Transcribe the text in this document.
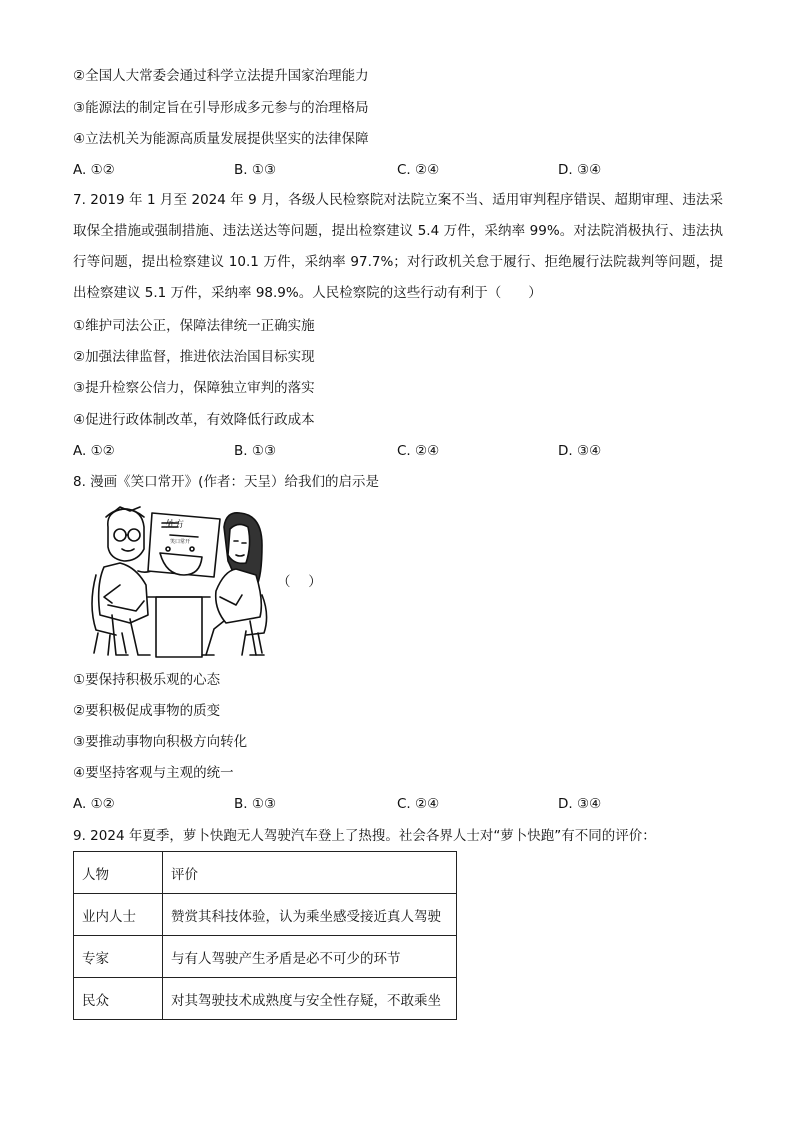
②全国人大常委会通过科学立法提升国家治理能力
③能源法的制定旨在引导形成多元参与的治理格局
④立法机关为能源高质量发展提供坚实的法律保障
A. ①②	B. ①③	C. ②④	D. ③④
7. 2019 年 1 月至 2024 年 9 月，各级人民检察院对法院立案不当、适用审判程序错误、超期审理、违法采取保全措施或强制措施、违法送达等问题，提出检察建议 5.4 万件，采纳率 99%。对法院消极执行、违法执行等问题，提出检察建议 10.1 万件，采纳率 97.7%；对行政机关怠于履行、拒绝履行法院裁判等问题，提出检察建议 5.1 万件，采纳率 98.9%。人民检察院的这些行动有利于（　　）
①维护司法公正，保障法律统一正确实施
②加强法律监督，推进依法治国目标实现
③提升检察公信力，保障独立审判的落实
④促进行政体制改革，有效降低行政成本
A. ①②	B. ①③	C. ②④	D. ③④
8. 漫画《笑口常开》(作者：天呈）给我们的启示是
处方
笑口常开
（　 ）
①要保持积极乐观的心态
②要积极促成事物的质变
③要推动事物向积极方向转化
④要坚持客观与主观的统一
A. ①②	B. ①③	C. ②④	D. ③④
9. 2024 年夏季，萝卜快跑无人驾驶汽车登上了热搜。社会各界人士对“萝卜快跑”有不同的评价：
人物	评价
业内人士	赞赏其科技体验，认为乘坐感受接近真人驾驶
专家	与有人驾驶产生矛盾是必不可少的环节
民众	对其驾驶技术成熟度与安全性存疑，不敢乘坐
